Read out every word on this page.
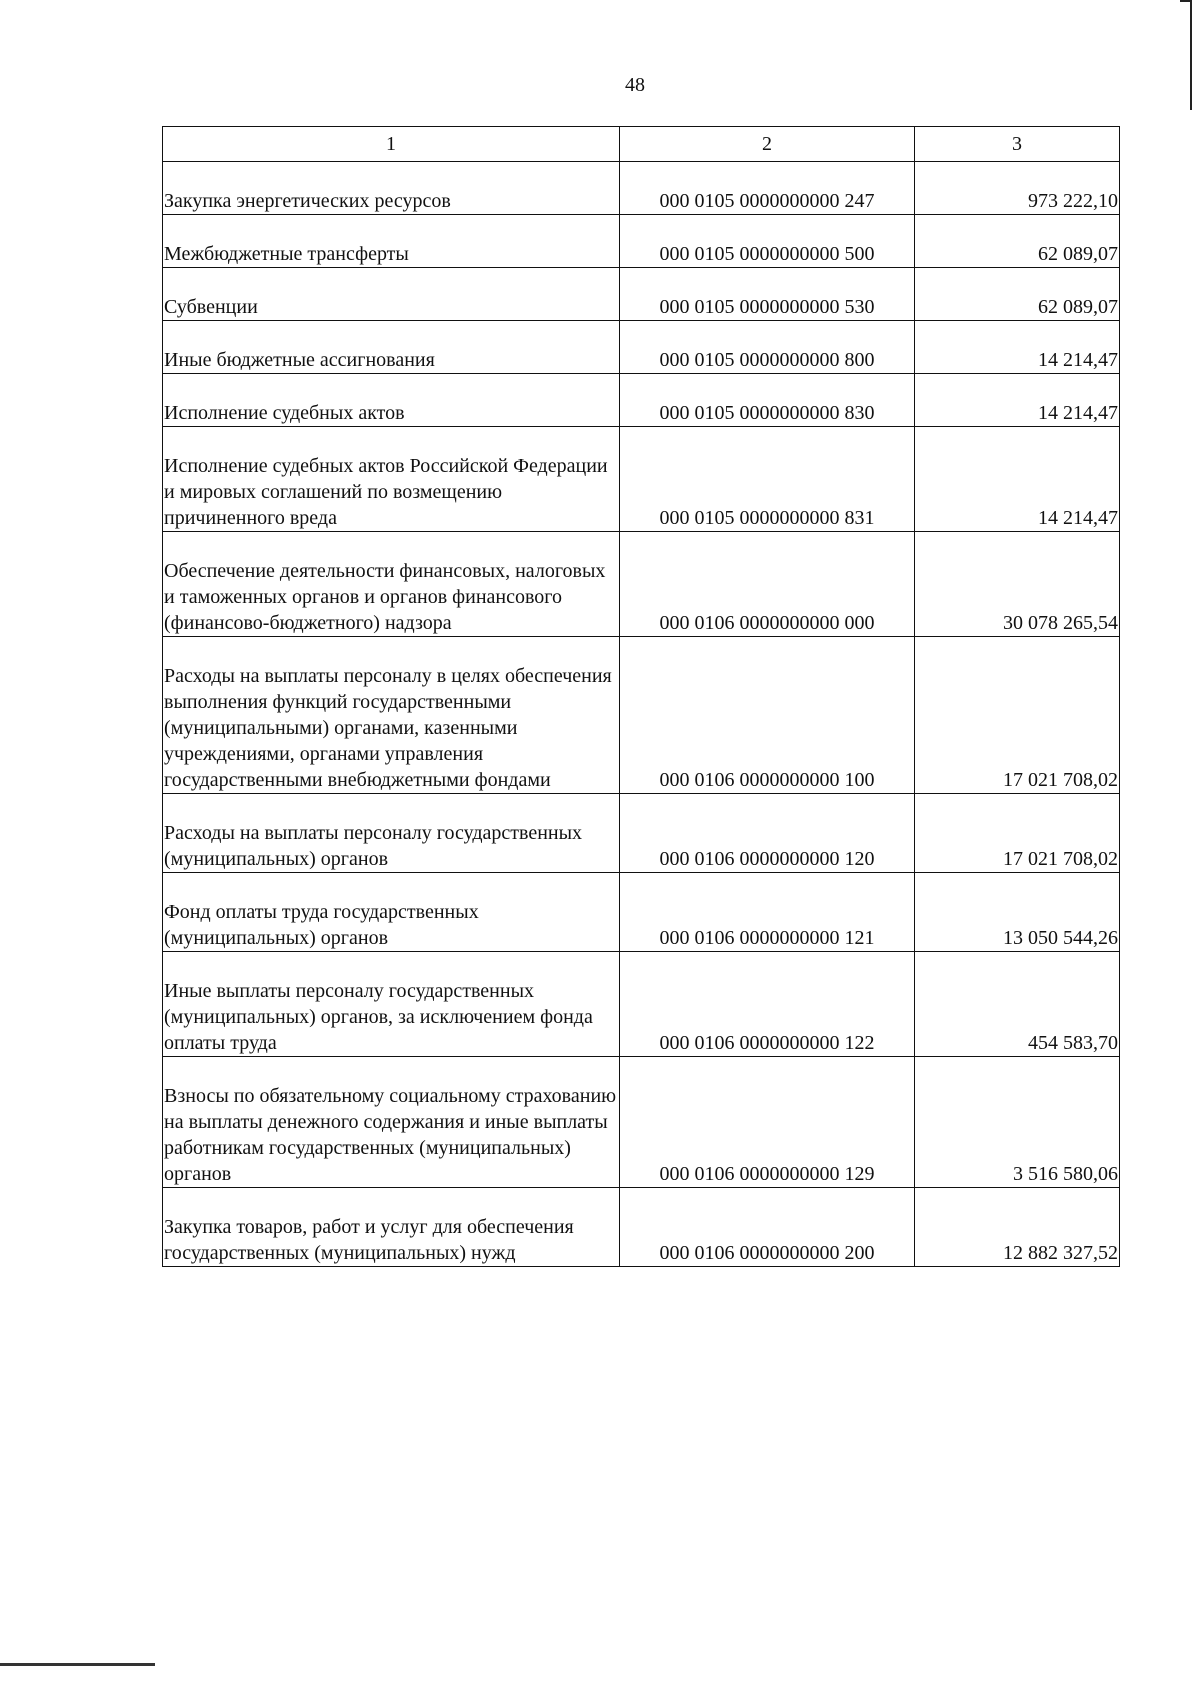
48
1	2	3
Закупка энергетических ресурсов	000 0105 0000000000 247	973 222,10
Межбюджетные трансферты	000 0105 0000000000 500	62 089,07
Субвенции	000 0105 0000000000 530	62 089,07
Иные бюджетные ассигнования	000 0105 0000000000 800	14 214,47
Исполнение судебных актов	000 0105 0000000000 830	14 214,47
Исполнение судебных актов Российской Федерации и мировых соглашений по возмещению причиненного вреда	000 0105 0000000000 831	14 214,47
Обеспечение деятельности финансовых, налоговых и таможенных органов и органов финансового (финансово-бюджетного) надзора	000 0106 0000000000 000	30 078 265,54
Расходы на выплаты персоналу в целях обеспечения выполнения функций государственными (муниципальными) органами, казенными учреждениями, органами управления государственными внебюджетными фондами	000 0106 0000000000 100	17 021 708,02
Расходы на выплаты персоналу государственных (муниципальных) органов	000 0106 0000000000 120	17 021 708,02
Фонд оплаты труда государственных (муниципальных) органов	000 0106 0000000000 121	13 050 544,26
Иные выплаты персоналу государственных (муниципальных) органов, за исключением фонда оплаты труда	000 0106 0000000000 122	454 583,70
Взносы по обязательному социальному страхованию на выплаты денежного содержания и иные выплаты работникам государственных (муниципальных) органов	000 0106 0000000000 129	3 516 580,06
Закупка товаров, работ и услуг для обеспечения государственных (муниципальных) нужд	000 0106 0000000000 200	12 882 327,52
